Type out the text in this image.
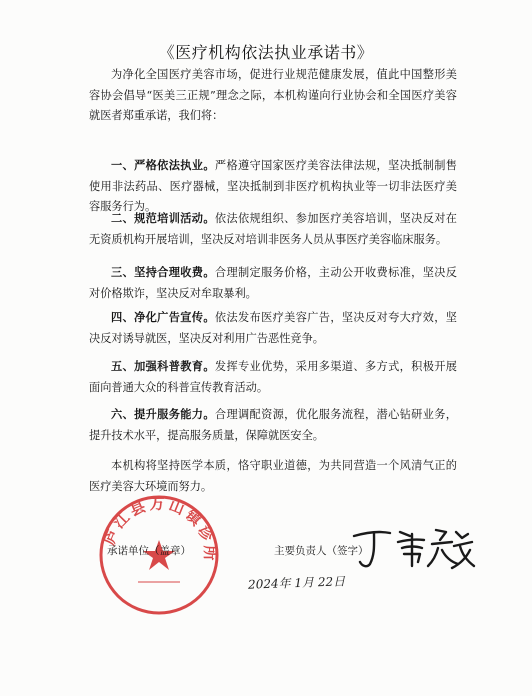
《医疗机构依法执业承诺书》

为净化全国医疗美容市场，促进行业规范健康发展，值此中国整形美容协会倡导“医美三正规”理念之际，本机构谨向行业协会和全国医疗美容就医者郑重承诺，我们将：

一、严格依法执业。严格遵守国家医疗美容法律法规，坚决抵制制售使用非法药品、医疗器械，坚决抵制到非医疗机构执业等一切非法医疗美容服务行为。

二、规范培训活动。依法依规组织、参加医疗美容培训，坚决反对在无资质机构开展培训，坚决反对培训非医务人员从事医疗美容临床服务。

三、坚持合理收费。合理制定服务价格，主动公开收费标准，坚决反对价格欺诈，坚决反对牟取暴利。

四、净化广告宣传。依法发布医疗美容广告，坚决反对夸大疗效，坚决反对诱导就医，坚决反对利用广告恶性竞争。

五、加强科普教育。发挥专业优势，采用多渠道、多方式，积极开展面向普通大众的科普宣传教育活动。

六、提升服务能力。合理调配资源，优化服务流程，潜心钻研业务，提升技术水平，提高服务质量，保障就医安全。

本机构将坚持医学本质，恪守职业道德，为共同营造一个风清气正的医疗美容大环境而努力。

庐江县万山镇诊所
承诺单位（盖章）	主要负责人（签字）
2024年 1月 22日
